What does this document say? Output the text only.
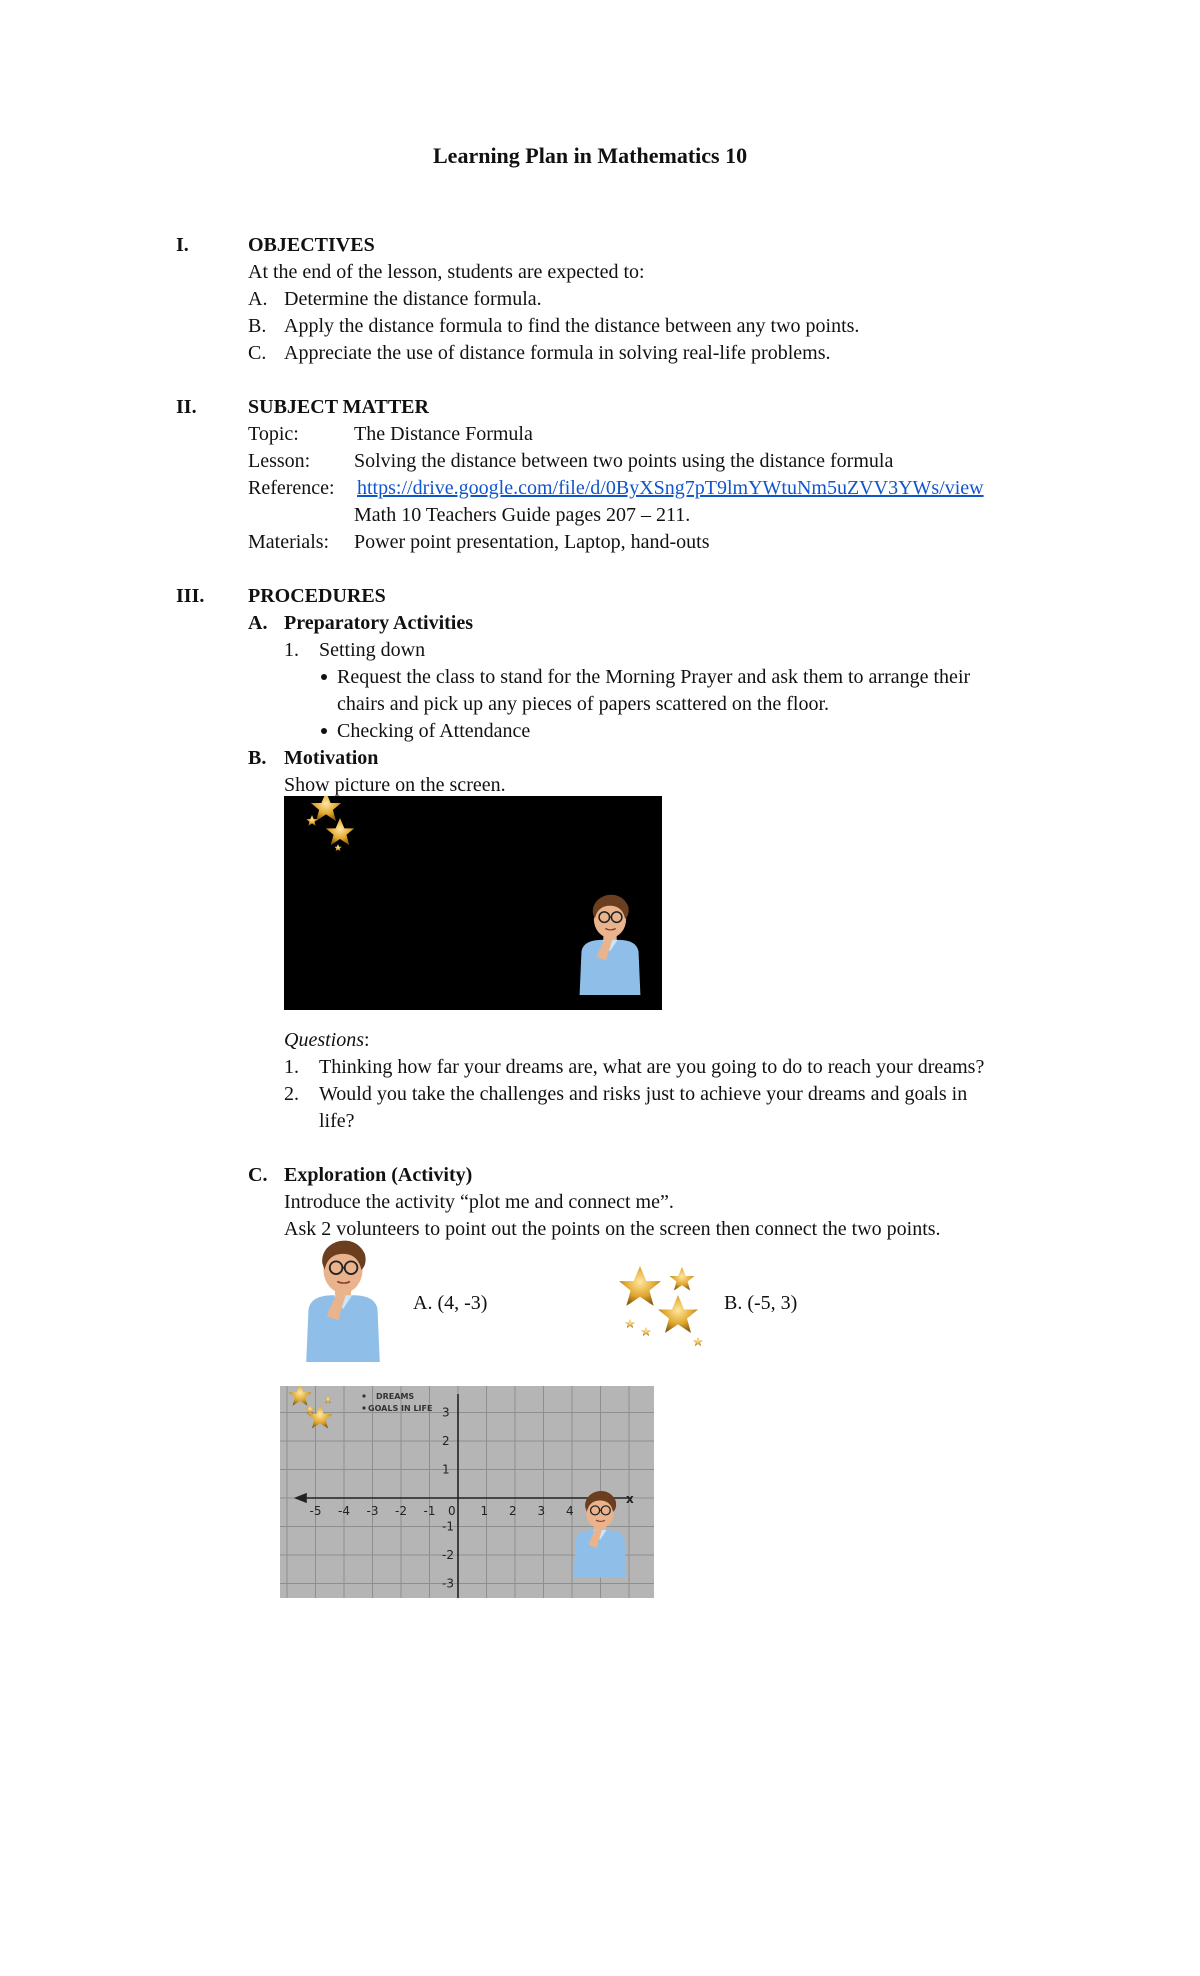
Learning Plan in Mathematics 10
I.	OBJECTIVES
At the end of the lesson, students are expected to:
A. Determine the distance formula.
B. Apply the distance formula to find the distance between any two points.
C. Appreciate the use of distance formula in solving real-life problems.
II.	SUBJECT MATTER
Topic:	The Distance Formula
Lesson: Solving the distance between two points using the distance formula
Reference: https://drive.google.com/file/d/0ByXSng7pT9lmYWtuNm5uZVV3YWs/view
Math 10 Teachers Guide pages 207 – 211.
Materials: Power point presentation, Laptop, hand-outs
III. PROCEDURES
A. Preparatory Activities
1. Setting down
Request the class to stand for the Morning Prayer and ask them to arrange their
chairs and pick up any pieces of papers scattered on the floor.
Checking of Attendance
B. Motivation
Show picture on the screen.
Questions:
1. Thinking how far your dreams are, what are you going to do to reach your dreams?
2. Would you take the challenges and risks just to achieve your dreams and goals in
life?
C. Exploration (Activity)
Introduce the activity “plot me and connect me”.
Ask 2 volunteers to point out the points on the screen then connect the two points.
A. (4, -3)	B. (-5, 3)
-5 -4 -3 -2 -1 0 1 2 3 4
3
2
1
-1
-2
-3
x
DREAMS
GOALS IN LIFE
